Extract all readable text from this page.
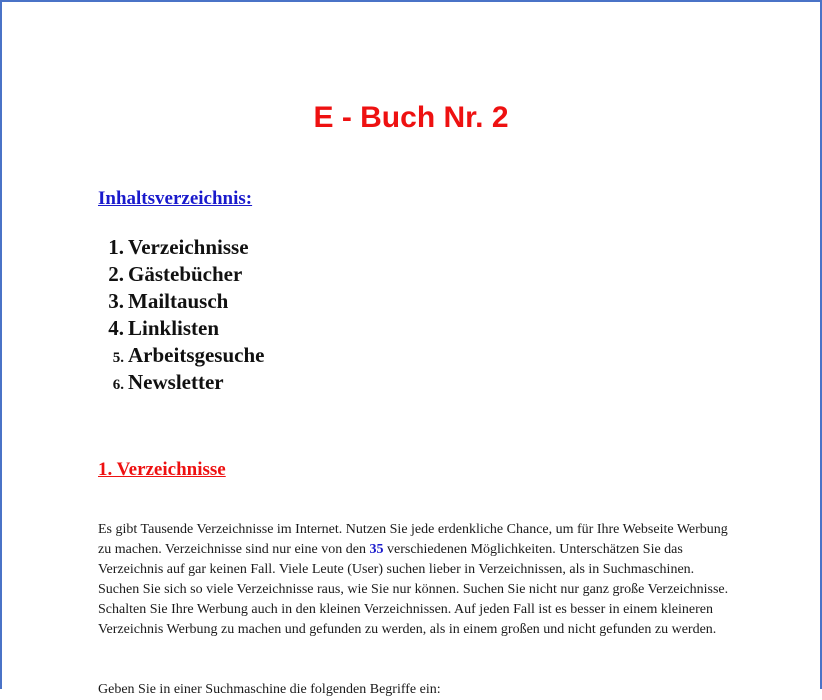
E - Buch Nr. 2
Inhaltsverzeichnis:
1. Verzeichnisse
2. Gästebücher
3. Mailtausch
4. Linklisten
5. Arbeitsgesuche
6. Newsletter
1. Verzeichnisse

Es gibt Tausende Verzeichnisse im Internet. Nutzen Sie jede erdenkliche Chance, um für Ihre Webseite Werbung zu machen. Verzeichnisse sind nur eine von den 35 verschiedenen Möglichkeiten. Unterschätzen Sie das Verzeichnis auf gar keinen Fall. Viele Leute (User) suchen lieber in Verzeichnissen, als in Suchmaschinen. Suchen Sie sich so viele Verzeichnisse raus, wie Sie nur können. Suchen Sie nicht nur ganz große Verzeichnisse. Schalten Sie Ihre Werbung auch in den kleinen Verzeichnissen. Auf jeden Fall ist es besser in einem kleineren Verzeichnis Werbung zu machen und gefunden zu werden, als in einem großen und nicht gefunden zu werden.

Geben Sie in einer Suchmaschine die folgenden Begriffe ein:
